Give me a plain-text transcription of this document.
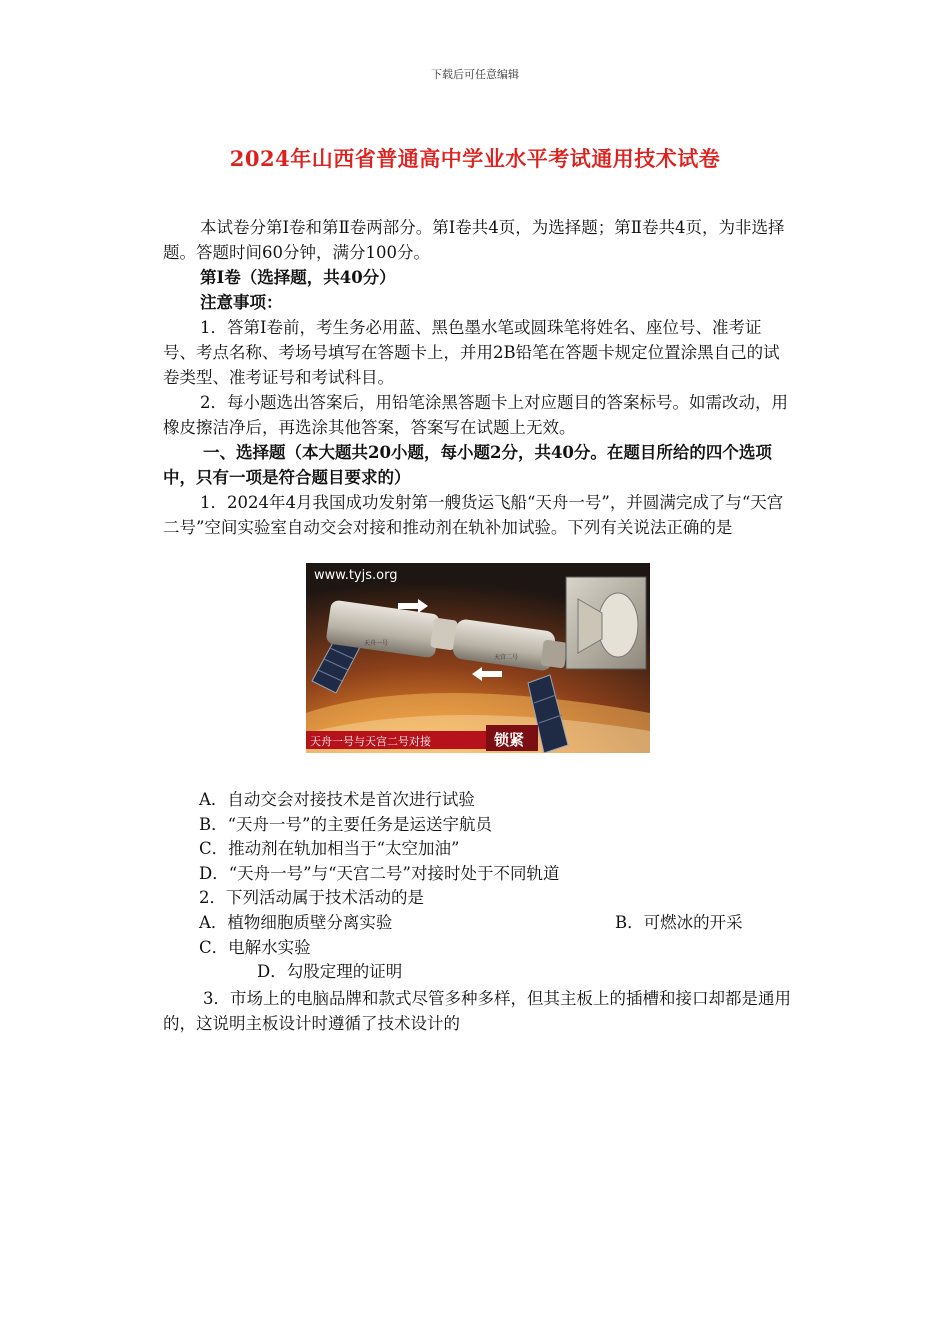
下载后可任意编辑
2024年山西省普通高中学业水平考试通用技术试卷

本试卷分第Ⅰ卷和第Ⅱ卷两部分。第Ⅰ卷共4页，为选择题；第Ⅱ卷共4页，为非选择题。答题时间60分钟，满分100分。

第Ⅰ卷（选择题，共40分）

注意事项：

1．答第Ⅰ卷前，考生务必用蓝、黑色墨水笔或圆珠笔将姓名、座位号、准考证号、考点名称、考场号填写在答题卡上，并用2B铅笔在答题卡规定位置涂黑自己的试卷类型、准考证号和考试科目。

2．每小题选出答案后，用铅笔涂黑答题卡上对应题目的答案标号。如需改动，用橡皮擦洁净后，再选涂其他答案，答案写在试题上无效。

一、选择题（本大题共20小题，每小题2分，共40分。在题目所给的四个选项中，只有一项是符合题目要求的）

1．2024年4月我国成功发射第一艘货运飞船“天舟一号”，并圆满完成了与“天宫二号”空间实验室自动交会对接和推动剂在轨补加试验。下列有关说法正确的是

www.tyjs.org
天舟一号
天宫二号
天舟一号与天宫二号对接	锁紧
A．自动交会对接技术是首次进行试验
B．“天舟一号”的主要任务是运送宇航员
C．推动剂在轨加相当于“太空加油”
D．“天舟一号”与“天宫二号”对接时处于不同轨道
2．下列活动属于技术活动的是
A．植物细胞质壁分离实验	B．可燃冰的开采
C．电解水实验
D．勾股定理的证明

3．市场上的电脑品牌和款式尽管多种多样，但其主板上的插槽和接口却都是通用的，这说明主板设计时遵循了技术设计的
